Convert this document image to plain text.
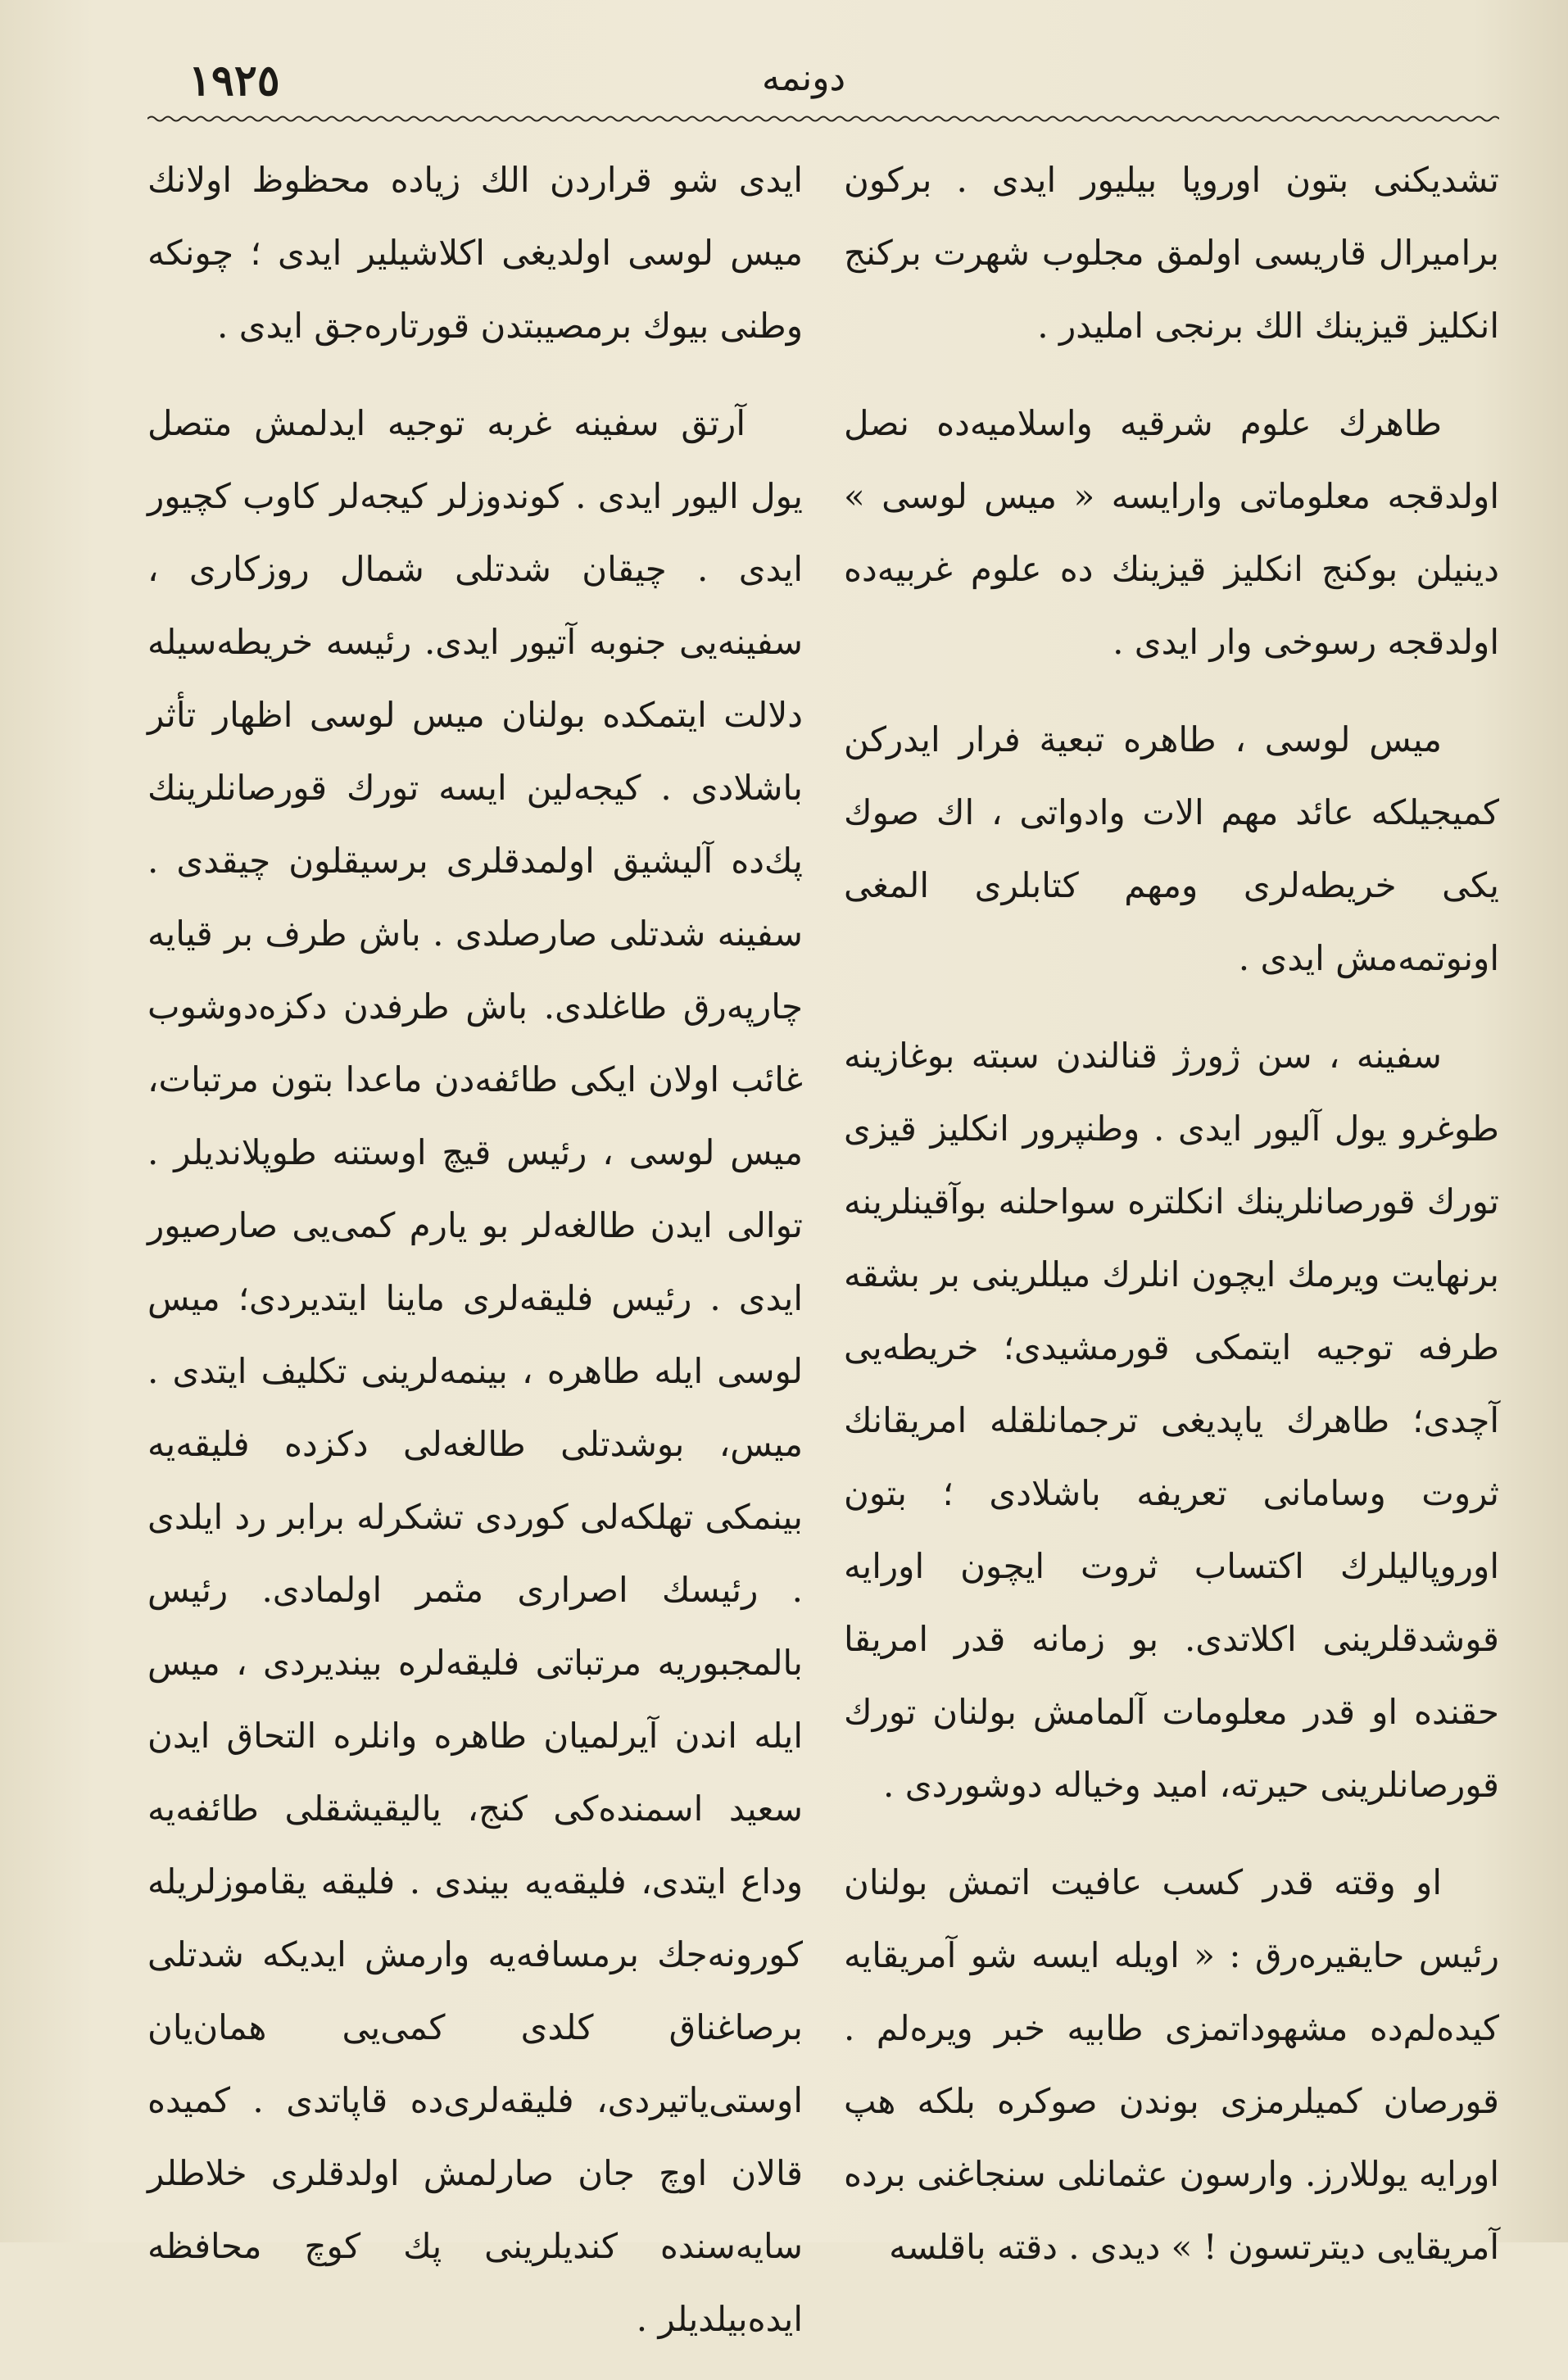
١٩٢٥	دونمه

تشدیکنی بتون اوروپا بیلیور ایدی . برکون برامیرال قاریسی اولمق مجلوب شهرت برکنج انکلیز قیزینك الك برنجی املیدر .

طاهرك علوم شرقیه واسلامیه‌ده نصل اولدقجه معلوماتی وارایسه « میس لوسی » دینیلن بوکنج انکلیز قیزینك ده علوم غربیه‌ده اولدقجه رسوخی وار ایدی .

میس لوسی ، طاهره تبعیة فرار ایدرکن کمیجیلکه عائد مهم الات وادواتی ، اك صوك یکی خریطه‌لری ومهم کتابلری المغی اونوتمه‌مش ایدی .

سفینه ، سن ژورژ قنالندن سبته بوغازینه طوغرو یول آلیور ایدی . وطنپرور انکلیز قیزی تورك قورصانلرینك انکلتره سواحلنه بوآقینلرینه برنهایت ویرمك ایچون انلرك میللرینی بر بشقه طرفه توجیه ایتمکی قورمشیدی؛ خریطه‌یی آچدی؛ طاهرك یاپدیغی ترجمانلقله امریقانك ثروت وسامانی تعریفه باشلادی ؛ بتون اوروپالیلرك اکتساب ثروت ایچون اورایه قوشدقلرینی اکلاتدی. بو زمانه قدر امریقا حقنده او قدر معلومات آلمامش بولنان تورك قورصانلرینی حیرته، امید وخیاله دوشوردی .

او وقته قدر کسب عافیت اتمش بولنان رئیس حایقیره‌رق : « اویله ایسه شو آمریقایه کیده‌لم‌ده مشهوداتمزی طابیه خبر ویره‌لم . قورصان کمیلرمزی بوندن صوکره بلکه هپ اورایه یوللارز. وارسون عثمانلی سنجاغنی برده آمریقایی دیترتسون ! » دیدی . دقته باقلسه

ایدی شو قراردن الك زیاده محظوظ اولانك میس لوسی اولدیغی اکلاشیلیر ایدی ؛ چونکه وطنی بیوك برمصیبتدن قورتاره‌جق ایدی .

آرتق سفینه غربه توجیه ایدلمش متصل یول الیور ایدی . کوندوزلر کیجه‌لر کاوب کچیور ایدی . چیقان شدتلی شمال روزکاری ، سفینه‌یی جنوبه آتیور ایدی. رئیسه خریطه‌سیله دلالت ایتمکده بولنان میس لوسی اظهار تأثر باشلادی . کیجه‌لین ایسه تورك قورصانلرینك پك‌ده آلیشیق اولمدقلری برسیقلون چیقدی . سفینه شدتلی صارصلدی . باش طرف بر قیایه چارپه‌رق طاغلدی. باش طرفدن دکزه‌دوشوب غائب اولان ایکی طائفه‌دن ماعدا بتون مرتبات، میس لوسی ، رئیس قیچ اوستنه طوپلاندیلر . توالی ایدن طالغه‌لر بو یارم کمی‌یی صارصیور ایدی . رئیس فلیقه‌لری ماینا ایتدیردی؛ میس لوسی ایله طاهره ، بینمه‌لرینی تکلیف ایتدی . میس، بوشدتلی طالغه‌لی دکزده فلیقه‌یه بینمکی تهلکه‌لی کوردی تشکرله برابر رد ایلدی . رئیسك اصراری مثمر اولمادی. رئیس بالمجبوریه مرتباتی فلیقه‌لره بیندیردی ، میس ایله اندن آیرلمیان طاهره وانلره التحاق ایدن سعید اسمنده‌کی کنج، یالیقیشقلی طائفه‌یه وداع ایتدی، فلیقه‌یه بیندی . فلیقه یقاموزلریله کورونه‌جك برمسافه‌یه وارمش ایدیکه شدتلی برصاغناق کلدی کمی‌یی همان‌یان اوستی‌یاتیردی، فلیقه‌لری‌ده قاپاتدی . کمیده قالان اوچ جان صارلمش اولدقلری خلاطلر سایه‌سنده کندیلرینی پك کوچ محافظه ایده‌بیلدیلر .
